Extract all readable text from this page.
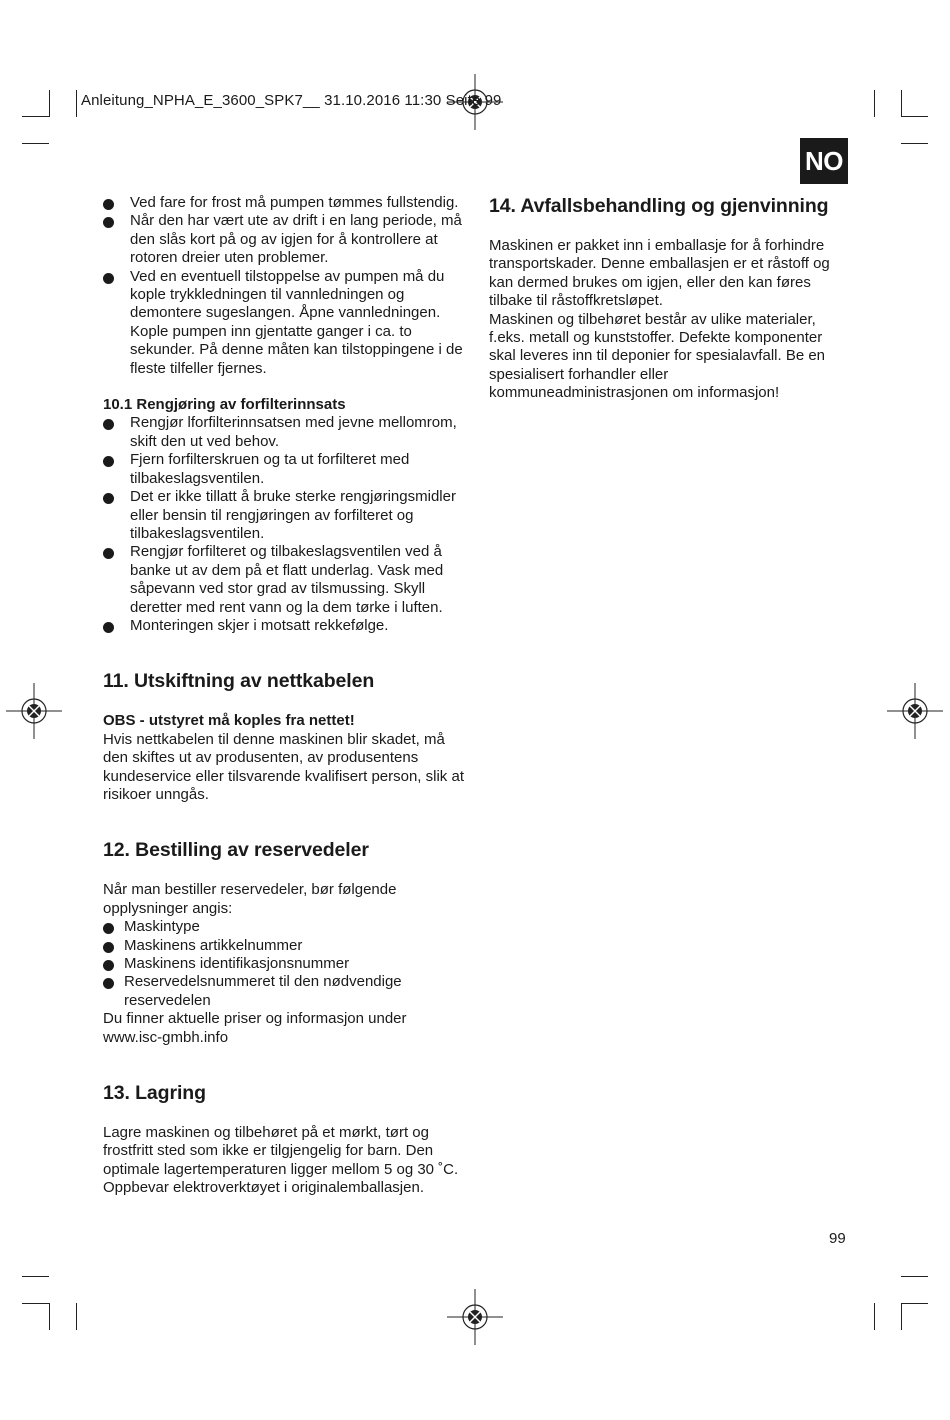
Anleitung_NPHA_E_3600_SPK7__ 31.10.2016 11:30 Seite 99
NO
Ved fare for frost må pumpen tømmes fullstendig.
Når den har vært ute av drift i en lang periode, må den slås kort på og av igjen for å kontrollere at rotoren dreier uten problemer.
Ved en eventuell tilstoppelse av pumpen må du kople trykkledningen til vannledningen og demontere sugeslangen. Åpne vannledningen. Kople pumpen inn gjentatte ganger i ca. to sekunder. På denne måten kan tilstoppingene i de fleste tilfeller fjernes.

10.1 Rengjøring av forfilterinnsats

Rengjør lforfilterinnsatsen med jevne mellomrom, skift den ut ved behov.
Fjern forfilterskruen og ta ut forfilteret med tilbakeslagsventilen.
Det er ikke tillatt å bruke sterke rengjøringsmidler eller bensin til rengjøringen av forfilteret og tilbakeslagsventilen.
Rengjør forfilteret og tilbakeslagsventilen ved å banke ut av dem på et flatt underlag. Vask med såpevann ved stor grad av tilsmussing. Skyll deretter med rent vann og la dem tørke i luften.
Monteringen skjer i motsatt rekkefølge.
11. Utskiftning av nettkabelen

OBS - utstyret må koples fra nettet!

Hvis nettkabelen til denne maskinen blir skadet, må den skiftes ut av produsenten, av produsentens kundeservice eller tilsvarende kvalifisert person, slik at risikoer unngås.

12. Bestilling av reservedeler

Når man bestiller reservedeler, bør følgende opplysninger angis:

Maskintype
Maskinens artikkelnummer
Maskinens identifikasjonsnummer
Reservedelsnummeret til den nødvendige reservedelen

Du finner aktuelle priser og informasjon under www.isc-gmbh.info

13. Lagring

Lagre maskinen og tilbehøret på et mørkt, tørt og frostfritt sted som ikke er tilgjengelig for barn. Den optimale lagertemperaturen ligger mellom 5 og 30 ˚C. Oppbevar elektroverktøyet i originalemballasjen.

14. Avfallsbehandling og gjenvinning

Maskinen er pakket inn i emballasje for å forhindre transportskader. Denne emballasjen er et råstoff og kan dermed brukes om igjen, eller den kan føres tilbake til råstoffkretsløpet.

Maskinen og tilbehøret består av ulike materialer, f.eks. metall og kunststoffer. Defekte komponenter skal leveres inn til deponier for spesialavfall. Be en spesialisert forhandler eller kommuneadministrasjonen om informasjon!

99
